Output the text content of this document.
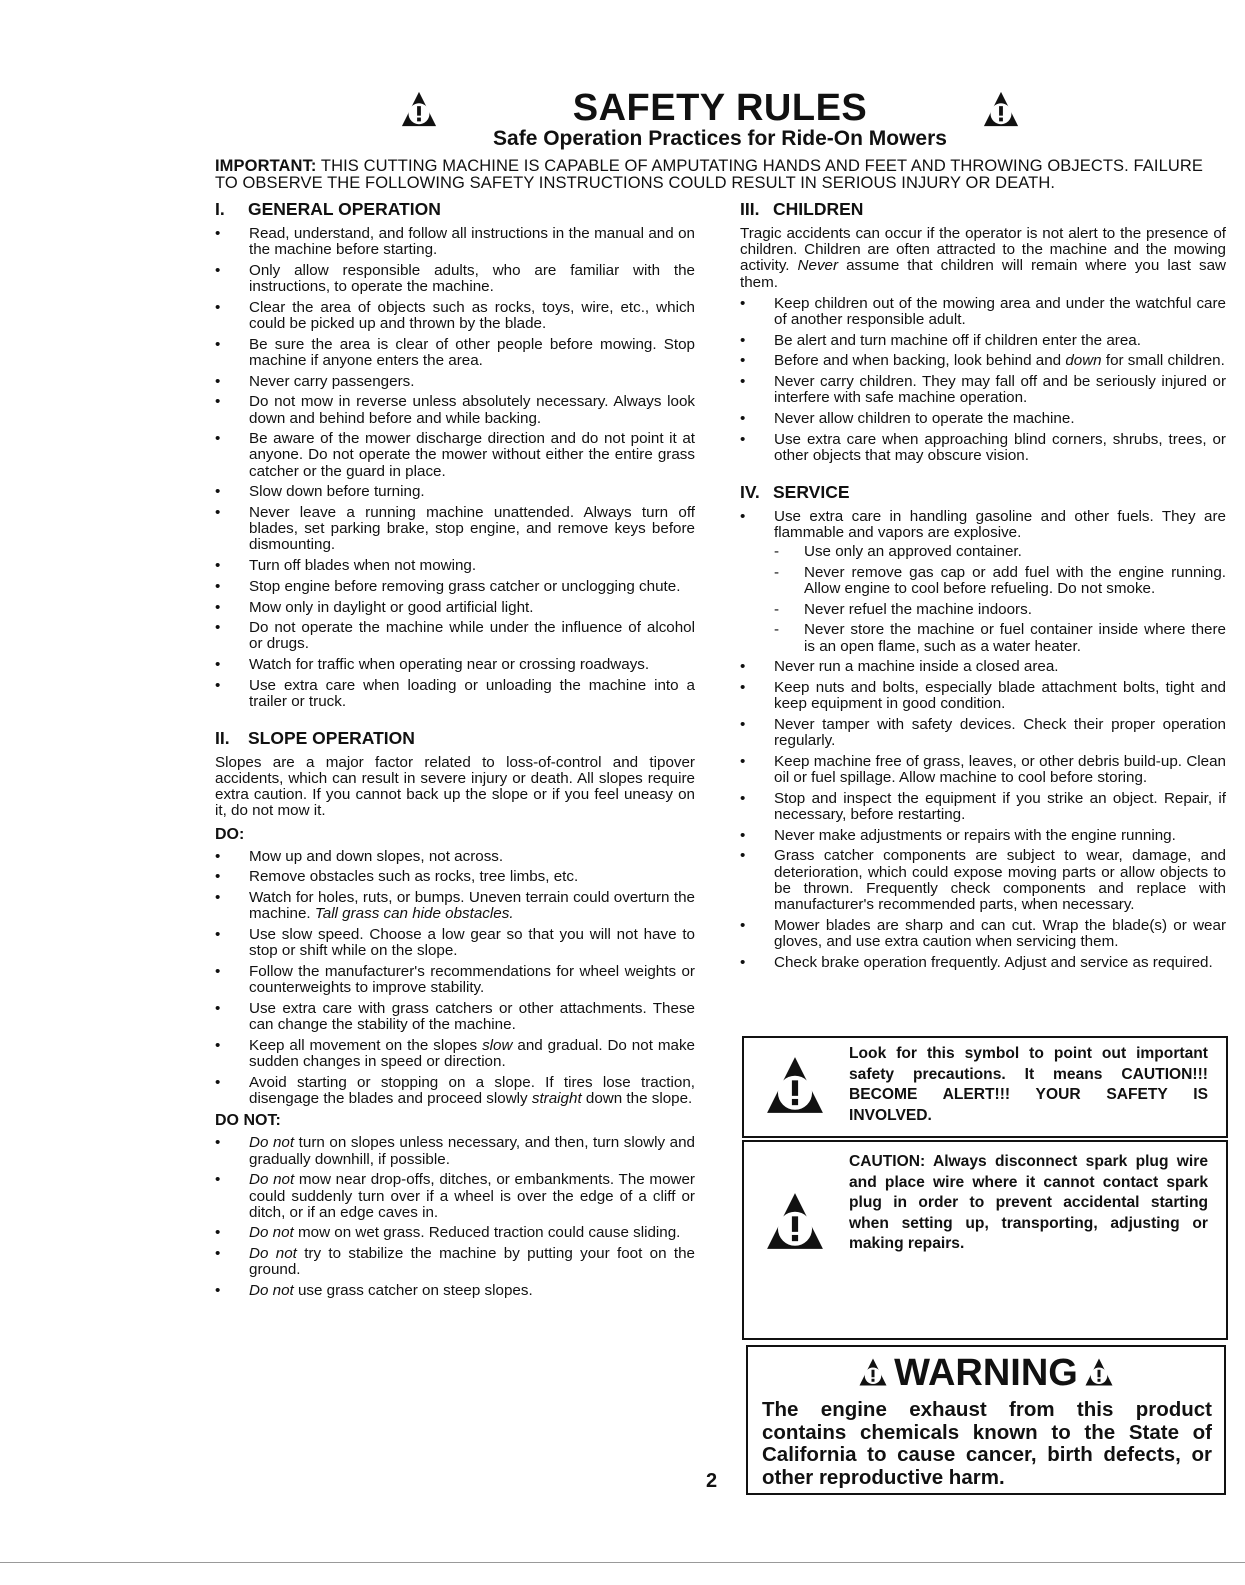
SAFETY RULES
Safe Operation Practices for Ride-On Mowers
IMPORTANT: THIS CUTTING MACHINE IS CAPABLE OF AMPUTATING HANDS AND FEET AND THROWING OBJECTS. FAILURE TO OBSERVE THE FOLLOWING SAFETY INSTRUCTIONS COULD RESULT IN SERIOUS INJURY OR DEATH.
I. GENERAL OPERATION
•	Read, understand, and follow all instructions in the manual and on the machine before starting.
•	Only allow responsible adults, who are familiar with the instructions, to operate the machine.
•	Clear the area of objects such as rocks, toys, wire, etc., which could be picked up and thrown by the blade.
•	Be sure the area is clear of other people before mowing. Stop machine if anyone enters the area.
•	Never carry passengers.
•	Do not mow in reverse unless absolutely necessary. Always look down and behind before and while backing.
•	Be aware of the mower discharge direction and do not point it at anyone. Do not operate the mower without either the entire grass catcher or the guard in place.
•	Slow down before turning.
•	Never leave a running machine unattended. Always turn off blades, set parking brake, stop engine, and remove keys before dismounting.
•	Turn off blades when not mowing.
•	Stop engine before removing grass catcher or unclogging chute.
•	Mow only in daylight or good artificial light.
•	Do not operate the machine while under the influence of alcohol or drugs.
•	Watch for traffic when operating near or crossing roadways.
•	Use extra care when loading or unloading the machine into a trailer or truck.
II. SLOPE OPERATION

Slopes are a major factor related to loss-of-control and tipover accidents, which can result in severe injury or death. All slopes require extra caution. If you cannot back up the slope or if you feel uneasy on it, do not mow it.

DO:
•	Mow up and down slopes, not across.
•	Remove obstacles such as rocks, tree limbs, etc.
•	Watch for holes, ruts, or bumps. Uneven terrain could overturn the machine. Tall grass can hide obstacles.
•	Use slow speed. Choose a low gear so that you will not have to stop or shift while on the slope.
•	Follow the manufacturer's recommendations for wheel weights or counterweights to improve stability.
•	Use extra care with grass catchers or other attachments. These can change the stability of the machine.
•	Keep all movement on the slopes slow and gradual. Do not make sudden changes in speed or direction.
•	Avoid starting or stopping on a slope. If tires lose traction, disengage the blades and proceed slowly straight down the slope.
DO NOT:
•	Do not turn on slopes unless necessary, and then, turn slowly and gradually downhill, if possible.
•	Do not mow near drop-offs, ditches, or embankments. The mower could suddenly turn over if a wheel is over the edge of a cliff or ditch, or if an edge caves in.
•	Do not mow on wet grass. Reduced traction could cause sliding.
•	Do not try to stabilize the machine by putting your foot on the ground.
•	Do not use grass catcher on steep slopes.
III. CHILDREN

Tragic accidents can occur if the operator is not alert to the presence of children. Children are often attracted to the machine and the mowing activity. Never assume that children will remain where you last saw them.

•	Keep children out of the mowing area and under the watchful care of another responsible adult.
•	Be alert and turn machine off if children enter the area.
•	Before and when backing, look behind and down for small children.
•	Never carry children. They may fall off and be seriously injured or interfere with safe machine operation.
•	Never allow children to operate the machine.
•	Use extra care when approaching blind corners, shrubs, trees, or other objects that may obscure vision.
IV. SERVICE
•	Use extra care in handling gasoline and other fuels. They are flammable and vapors are explosive.
- Use only an approved container.
- Never remove gas cap or add fuel with the engine running. Allow engine to cool before refueling. Do not smoke.
- Never refuel the machine indoors.
- Never store the machine or fuel container inside where there is an open flame, such as a water heater.
•	Never run a machine inside a closed area.
•	Keep nuts and bolts, especially blade attachment bolts, tight and keep equipment in good condition.
•	Never tamper with safety devices. Check their proper operation regularly.
•	Keep machine free of grass, leaves, or other debris build-up. Clean oil or fuel spillage. Allow machine to cool before storing.
•	Stop and inspect the equipment if you strike an object. Repair, if necessary, before restarting.
•	Never make adjustments or repairs with the engine running.
•	Grass catcher components are subject to wear, damage, and deterioration, which could expose moving parts or allow objects to be thrown. Frequently check components and replace with manufacturer's recommended parts, when necessary.
•	Mower blades are sharp and can cut. Wrap the blade(s) or wear gloves, and use extra caution when servicing them.
•	Check brake operation frequently. Adjust and service as required.
Look for this symbol to point out important safety precautions. It means CAUTION!!! BECOME ALERT!!! YOUR SAFETY IS INVOLVED.
CAUTION: Always disconnect spark plug wire and place wire where it cannot contact spark plug in order to prevent accidental starting when setting up, transporting, adjusting or making repairs.
WARNING
The engine exhaust from this product contains chemicals known to the State of California to cause cancer, birth defects, or other reproductive harm.
2
